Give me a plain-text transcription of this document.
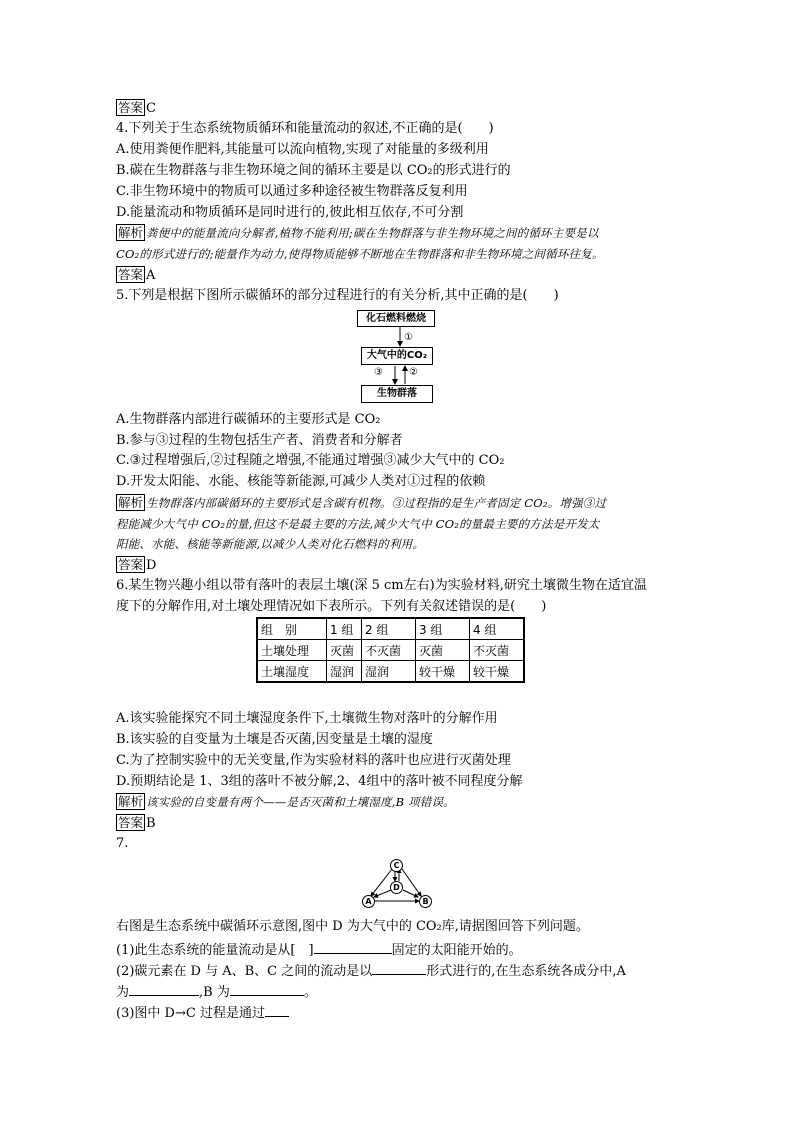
答案 C
4.下列关于生态系统物质循环和能量流动的叙述,不正确的是(　　)
A.使用粪便作肥料,其能量可以流向植物,实现了对能量的多级利用
B.碳在生物群落与非生物环境之间的循环主要是以 CO₂的形式进行的
C.非生物环境中的物质可以通过多种途径被生物群落反复利用
D.能量流动和物质循环是同时进行的,彼此相互依存,不可分割
解析 粪便中的能量流向分解者,植物不能利用;碳在生物群落与非生物环境之间的循环主要是以
CO₂的形式进行的;能量作为动力,使得物质能够不断地在生物群落和非生物环境之间循环往复。
答案 A
5.下列是根据下图所示碳循环的部分过程进行的有关分析,其中正确的是(　　)
化石燃料燃烧
①
大气中的CO₂
③	②
生物群落
A.生物群落内部进行碳循环的主要形式是 CO₂
B.参与③过程的生物包括生产者、消费者和分解者
C.③过程增强后,②过程随之增强,不能通过增强③减少大气中的 CO₂
D.开发太阳能、水能、核能等新能源,可减少人类对①过程的依赖
解析 生物群落内部碳循环的主要形式是含碳有机物。③过程指的是生产者固定 CO₂。增强③过
程能减少大气中 CO₂的量,但这不是最主要的方法,减少大气中 CO₂的量最主要的方法是开发太
阳能、水能、核能等新能源,以减少人类对化石燃料的利用。
答案 D
6.某生物兴趣小组以带有落叶的表层土壤(深 5 cm左右)为实验材料,研究土壤微生物在适宜温
度下的分解作用,对土壤处理情况如下表所示。下列有关叙述错误的是(　　)
组　别	1 组	2 组	3 组	4 组
土壤处理	灭菌	不灭菌	灭菌	不灭菌
土壤湿度	湿润	湿润	较干燥	较干燥
A.该实验能探究不同土壤湿度条件下,土壤微生物对落叶的分解作用
B.该实验的自变量为土壤是否灭菌,因变量是土壤的湿度
C.为了控制实验中的无关变量,作为实验材料的落叶也应进行灭菌处理
D.预期结论是 1、3组的落叶不被分解,2、4组中的落叶被不同程度分解
解析 该实验的自变量有两个——是否灭菌和土壤湿度,B 项错误。
答案 B
7.
C
D
A	B
右图是生态系统中碳循环示意图,图中 D 为大气中的 CO₂库,请据图回答下列问题。
(1)此生态系统的能量流动是从[　]	固定的太阳能开始的。
(2)碳元素在 D 与 A、B、C 之间的流动是以	形式进行的,在生态系统各成分中,A
为	,B 为	。
(3)图中 D→C 过程是通过
